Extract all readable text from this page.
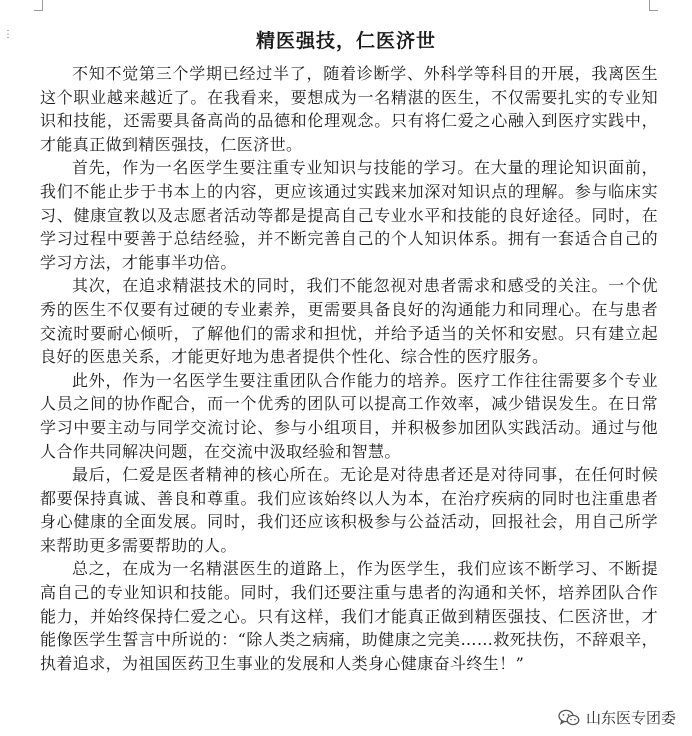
⋮	精医强技，仁医济世

不知不觉第三个学期已经过半了，随着诊断学、外科学等科目的开展，我离医生这个职业越来越近了。在我看来，要想成为一名精湛的医生，不仅需要扎实的专业知识和技能，还需要具备高尚的品德和伦理观念。只有将仁爱之心融入到医疗实践中，才能真正做到精医强技，仁医济世。

首先，作为一名医学生要注重专业知识与技能的学习。在大量的理论知识面前，我们不能止步于书本上的内容，更应该通过实践来加深对知识点的理解。参与临床实习、健康宣教以及志愿者活动等都是提高自己专业水平和技能的良好途径。同时，在学习过程中要善于总结经验，并不断完善自己的个人知识体系。拥有一套适合自己的学习方法，才能事半功倍。

其次，在追求精湛技术的同时，我们不能忽视对患者需求和感受的关注。一个优秀的医生不仅要有过硬的专业素养，更需要具备良好的沟通能力和同理心。在与患者交流时要耐心倾听，了解他们的需求和担忧，并给予适当的关怀和安慰。只有建立起良好的医患关系，才能更好地为患者提供个性化、综合性的医疗服务。

此外，作为一名医学生要注重团队合作能力的培养。医疗工作往往需要多个专业人员之间的协作配合，而一个优秀的团队可以提高工作效率，减少错误发生。在日常学习中要主动与同学交流讨论、参与小组项目，并积极参加团队实践活动。通过与他人合作共同解决问题，在交流中汲取经验和智慧。

最后，仁爱是医者精神的核心所在。无论是对待患者还是对待同事，在任何时候都要保持真诚、善良和尊重。我们应该始终以人为本，在治疗疾病的同时也注重患者身心健康的全面发展。同时，我们还应该积极参与公益活动，回报社会，用自己所学来帮助更多需要帮助的人。

总之，在成为一名精湛医生的道路上，作为医学生，我们应该不断学习、不断提高自己的专业知识和技能。同时，我们还要注重与患者的沟通和关怀，培养团队合作能力，并始终保持仁爱之心。只有这样，我们才能真正做到精医强技、仁医济世，才能像医学生誓言中所说的：“除人类之病痛，助健康之完美……救死扶伤，不辞艰辛，执着追求，为祖国医药卫生事业的发展和人类身心健康奋斗终生！”

山东医专团委
